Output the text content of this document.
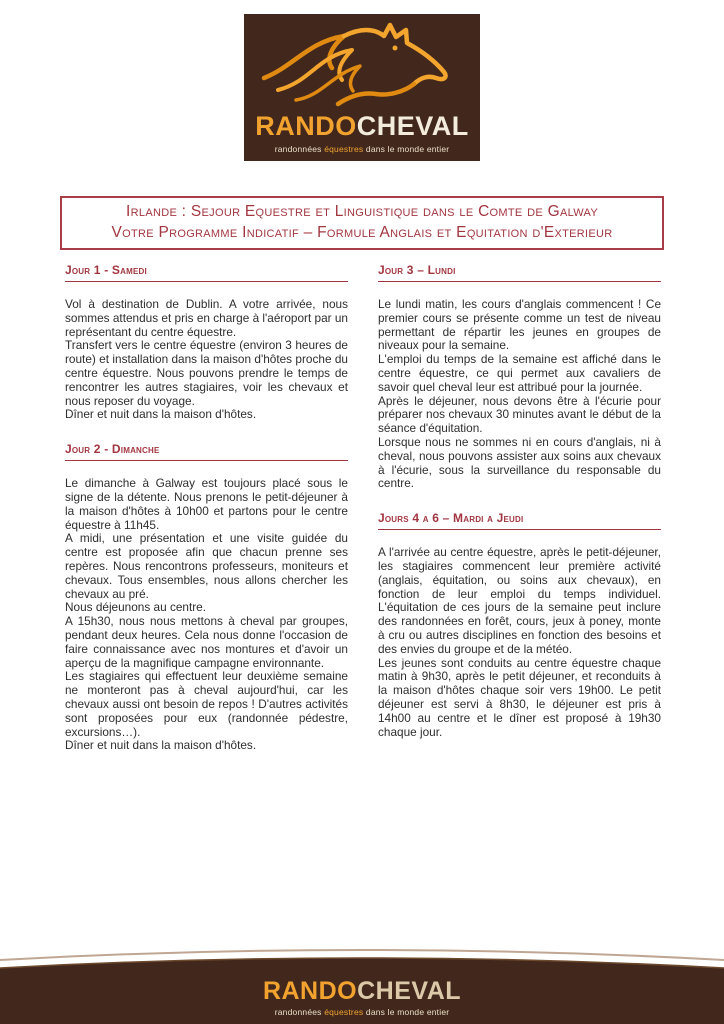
RANDOCHEVAL
randonnées équestres dans le monde entier
Irlande : Sejour Equestre et Linguistique dans le Comte de Galway
Votre Programme Indicatif – Formule Anglais et Equitation d'Exterieur
Jour 1 - Samedi

Vol à destination de Dublin. A votre arrivée, nous sommes attendus et pris en charge à l'aéroport par un représentant du centre équestre.

Transfert vers le centre équestre (environ 3 heures de route) et installation dans la maison d'hôtes proche du centre équestre. Nous pouvons prendre le temps de rencontrer les autres stagiaires, voir les chevaux et nous reposer du voyage.

Dîner et nuit dans la maison d'hôtes.

Jour 2 - Dimanche

Le dimanche à Galway est toujours placé sous le signe de la détente. Nous prenons le petit-déjeuner à la maison d'hôtes à 10h00 et partons pour le centre équestre à 11h45.

A midi, une présentation et une visite guidée du centre est proposée afin que chacun prenne ses repères. Nous rencontrons professeurs, moniteurs et chevaux. Tous ensembles, nous allons chercher les chevaux au pré.

Nous déjeunons au centre.

A 15h30, nous nous mettons à cheval par groupes, pendant deux heures. Cela nous donne l'occasion de faire connaissance avec nos montures et d'avoir un aperçu de la magnifique campagne environnante.

Les stagiaires qui effectuent leur deuxième semaine ne monteront pas à cheval aujourd'hui, car les chevaux aussi ont besoin de repos ! D'autres activités sont proposées pour eux (randonnée pédestre, excursions…).

Dîner et nuit dans la maison d'hôtes.

Jour 3 – Lundi

Le lundi matin, les cours d'anglais commencent ! Ce premier cours se présente comme un test de niveau permettant de répartir les jeunes en groupes de niveaux pour la semaine.

L'emploi du temps de la semaine est affiché dans le centre équestre, ce qui permet aux cavaliers de savoir quel cheval leur est attribué pour la journée.

Après le déjeuner, nous devons être à l'écurie pour préparer nos chevaux 30 minutes avant le début de la séance d'équitation.

Lorsque nous ne sommes ni en cours d'anglais, ni à cheval, nous pouvons assister aux soins aux chevaux à l'écurie, sous la surveillance du responsable du centre.

Jours 4 a 6 – Mardi a Jeudi

A l'arrivée au centre équestre, après le petit-déjeuner, les stagiaires commencent leur première activité (anglais, équitation, ou soins aux chevaux), en fonction de leur emploi du temps individuel. L'équitation de ces jours de la semaine peut inclure des randonnées en forêt, cours, jeux à poney, monte à cru ou autres disciplines en fonction des besoins et des envies du groupe et de la météo.

Les jeunes sont conduits au centre équestre chaque matin à 9h30, après le petit déjeuner, et reconduits à la maison d'hôtes chaque soir vers 19h00. Le petit déjeuner est servi à 8h30, le déjeuner est pris à 14h00 au centre et le dîner est proposé à 19h30 chaque jour.

RANDOCHEVAL
randonnées équestres dans le monde entier
